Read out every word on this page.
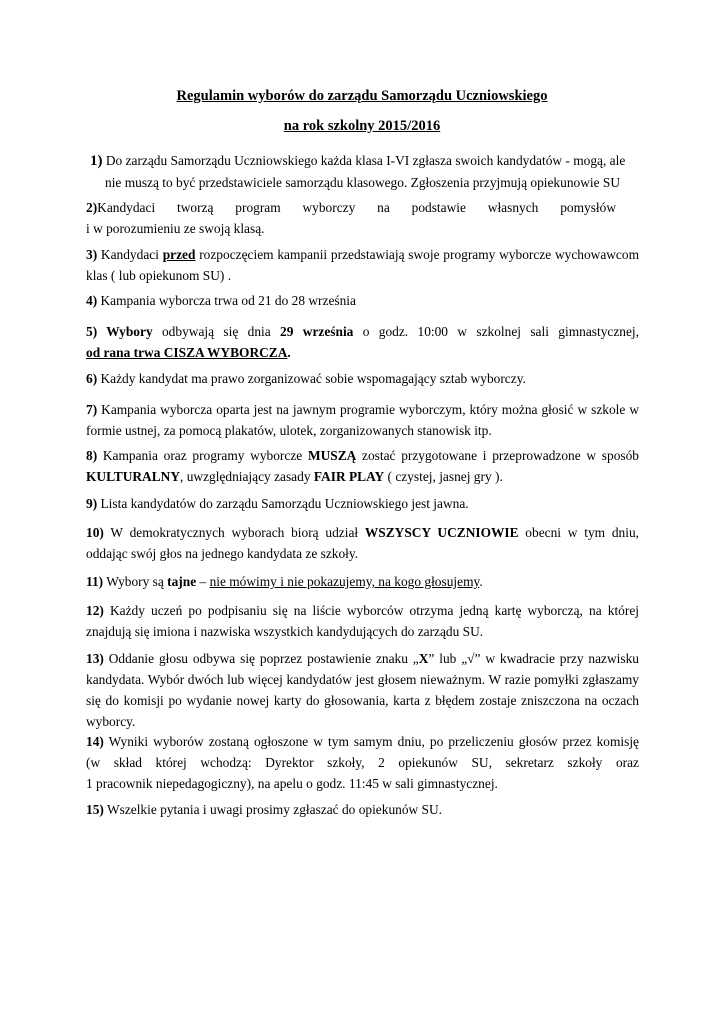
Regulamin wyborów do zarządu Samorządu Uczniowskiego
na rok szkolny 2015/2016
1) Do zarządu Samorządu Uczniowskiego każda klasa I-VI zgłasza swoich kandydatów - mogą, ale
nie muszą to być przedstawiciele samorządu klasowego. Zgłoszenia przyjmują opiekunowie SU
2)Kandydaci tworzą program wyborczy na podstawie własnych pomysłów
i w porozumieniu ze swoją klasą.
3) Kandydaci przed rozpoczęciem kampanii przedstawiają swoje programy wyborcze wychowawcom klas ( lub opiekunom SU) .
4) Kampania wyborcza trwa od 21 do 28 września
5) Wybory odbywają się dnia 29 września o godz. 10:00 w szkolnej sali gimnastycznej,
od rana trwa CISZA WYBORCZA.
6) Każdy kandydat ma prawo zorganizować sobie wspomagający sztab wyborczy.
7) Kampania wyborcza oparta jest na jawnym programie wyborczym, który można głosić w szkole w formie ustnej, za pomocą plakatów, ulotek, zorganizowanych stanowisk itp.
8) Kampania oraz programy wyborcze MUSZĄ zostać przygotowane i przeprowadzone w sposób KULTURALNY, uwzględniający zasady FAIR PLAY ( czystej, jasnej gry ).
9) Lista kandydatów do zarządu Samorządu Uczniowskiego jest jawna.
10) W demokratycznych wyborach biorą udział WSZYSCY UCZNIOWIE obecni w tym dniu, oddając swój głos na jednego kandydata ze szkoły.
11) Wybory są tajne – nie mówimy i nie pokazujemy, na kogo głosujemy.
12) Każdy uczeń po podpisaniu się na liście wyborców otrzyma jedną kartę wyborczą, na której znajdują się imiona i nazwiska wszystkich kandydujących do zarządu SU.
13) Oddanie głosu odbywa się poprzez postawienie znaku „X” lub „√” w kwadracie przy nazwisku kandydata. Wybór dwóch lub więcej kandydatów jest głosem nieważnym. W razie pomyłki zgłaszamy się do komisji po wydanie nowej karty do głosowania, karta z błędem zostaje zniszczona na oczach wyborcy.
14) Wyniki wyborów zostaną ogłoszone w tym samym dniu, po przeliczeniu głosów przez komisję
(w skład której wchodzą: Dyrektor szkoły, 2 opiekunów SU, sekretarz szkoły oraz
1 pracownik niepedagogiczny), na apelu o godz. 11:45 w sali gimnastycznej.
15) Wszelkie pytania i uwagi prosimy zgłaszać do opiekunów SU.
